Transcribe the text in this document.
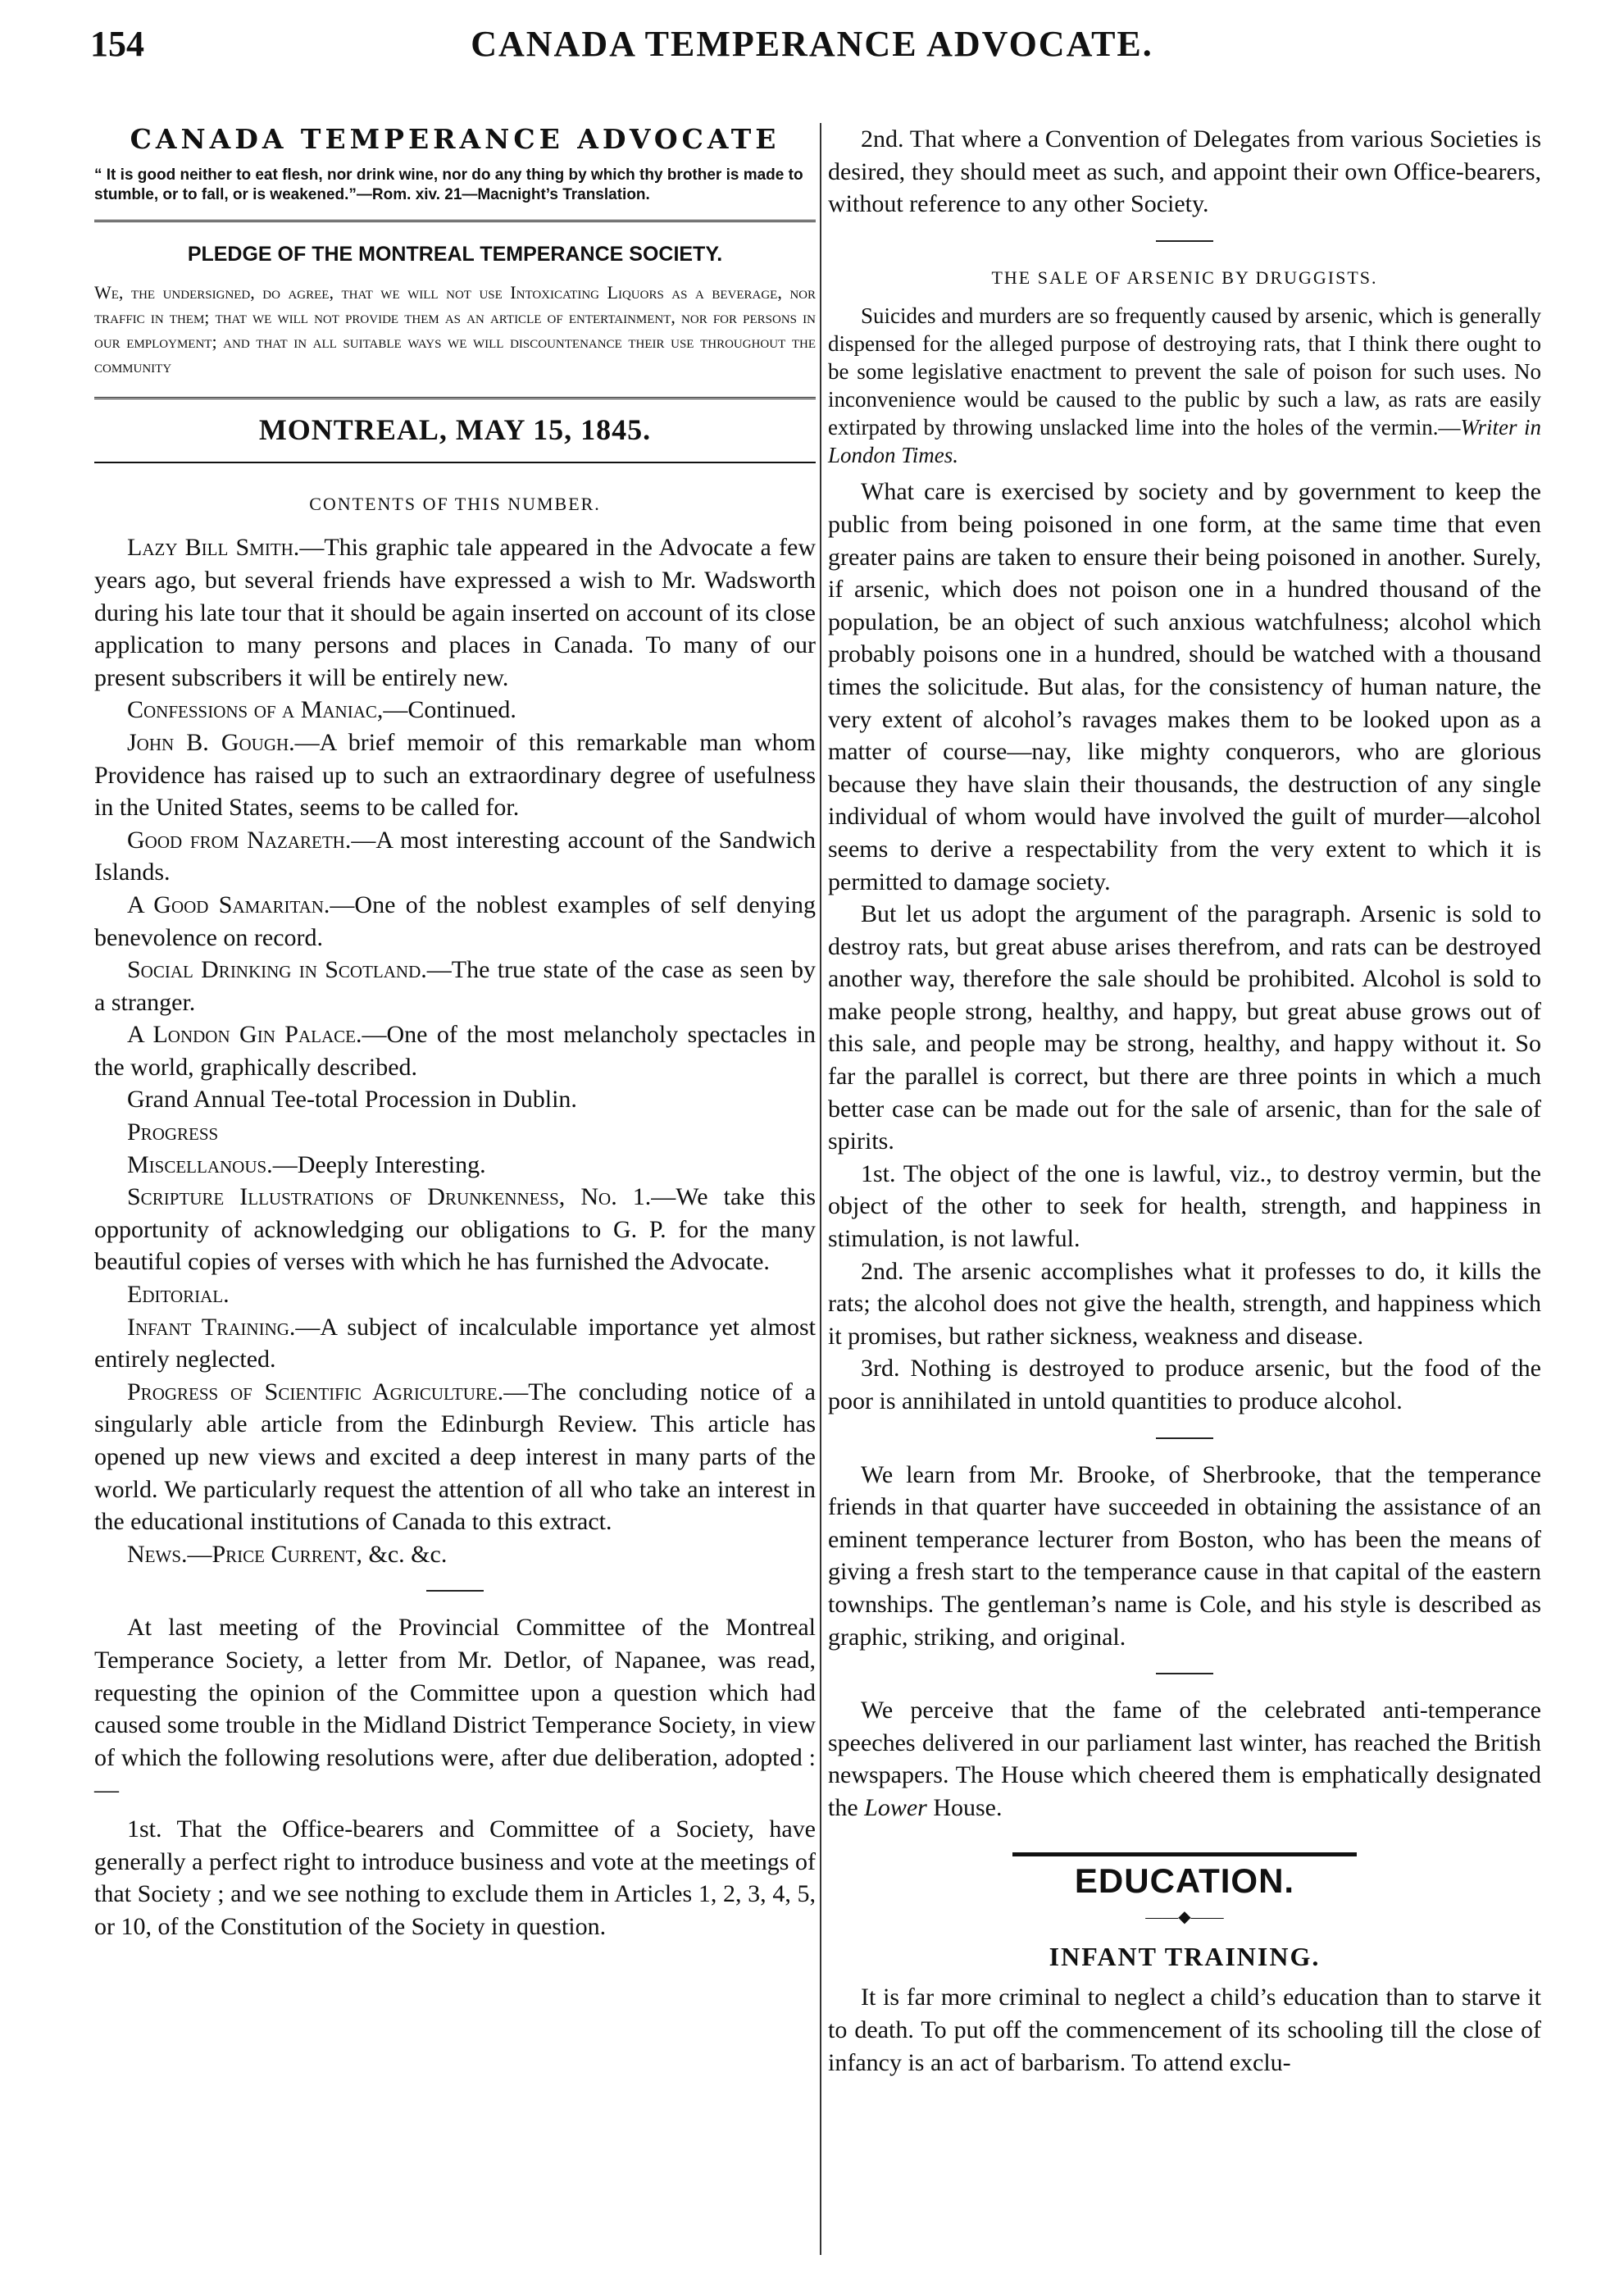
154	CANADA TEMPERANCE ADVOCATE.
CANADA TEMPERANCE ADVOCATE
“ It is good neither to eat flesh, nor drink wine, nor do any thing by which thy brother is made to stumble, or to fall, or is weakened.”—Rom. xiv. 21—Macnight’s Translation.
PLEDGE OF THE MONTREAL TEMPERANCE SOCIETY.
We, the undersigned, do agree, that we will not use Intoxicating Liquors as a beverage, nor traffic in them; that we will not provide them as an article of entertainment, nor for persons in our employment; and that in all suitable ways we will discountenance their use throughout the community
MONTREAL, MAY 15, 1845.
CONTENTS OF THIS NUMBER.

Lazy Bill Smith.—This graphic tale appeared in the Advocate a few years ago, but several friends have expressed a wish to Mr. Wadsworth during his late tour that it should be again inserted on account of its close application to many persons and places in Canada. To many of our present subscribers it will be entirely new.

Confessions of a Maniac,—Continued.

John B. Gough.—A brief memoir of this remarkable man whom Providence has raised up to such an extraordinary degree of usefulness in the United States, seems to be called for.

Good from Nazareth.—A most interesting account of the Sandwich Islands.

A Good Samaritan.—One of the noblest examples of self denying benevolence on record.

Social Drinking in Scotland.—The true state of the case as seen by a stranger.

A London Gin Palace.—One of the most melancholy spectacles in the world, graphically described.

Grand Annual Tee-total Procession in Dublin.

Progress

Miscellanous.—Deeply Interesting.

Scripture Illustrations of Drunkenness, No. 1.—We take this opportunity of acknowledging our obligations to G. P. for the many beautiful copies of verses with which he has furnished the Advocate.

Editorial.

Infant Training.—A subject of incalculable importance yet almost entirely neglected.

Progress of Scientific Agriculture.—The concluding notice of a singularly able article from the Edinburgh Review. This article has opened up new views and excited a deep interest in many parts of the world. We particularly request the attention of all who take an interest in the educational institutions of Canada to this extract.

News.—Price Current, &c. &c.

At last meeting of the Provincial Committee of the Montreal Temperance Society, a letter from Mr. Detlor, of Napanee, was read, requesting the opinion of the Committee upon a question which had caused some trouble in the Midland District Temperance Society, in view of which the following resolutions were, after due deliberation, adopted :—

1st. That the Office-bearers and Committee of a Society, have generally a perfect right to introduce business and vote at the meetings of that Society ; and we see nothing to exclude them in Articles 1, 2, 3, 4, 5, or 10, of the Constitution of the Society in question.

2nd. That where a Convention of Delegates from various Societies is desired, they should meet as such, and appoint their own Office-bearers, without reference to any other Society.

THE SALE OF ARSENIC BY DRUGGISTS.

Suicides and murders are so frequently caused by arsenic, which is generally dispensed for the alleged purpose of destroying rats, that I think there ought to be some legislative enactment to prevent the sale of poison for such uses. No inconvenience would be caused to the public by such a law, as rats are easily extirpated by throwing unslacked lime into the holes of the vermin.—Writer in London Times.

What care is exercised by society and by government to keep the public from being poisoned in one form, at the same time that even greater pains are taken to ensure their being poisoned in another. Surely, if arsenic, which does not poison one in a hundred thousand of the population, be an object of such anxious watchfulness; alcohol which probably poisons one in a hundred, should be watched with a thousand times the solicitude. But alas, for the consistency of human nature, the very extent of alcohol’s ravages makes them to be looked upon as a matter of course—nay, like mighty conquerors, who are glorious because they have slain their thousands, the destruction of any single individual of whom would have involved the guilt of murder—alcohol seems to derive a respectability from the very extent to which it is permitted to damage society.

But let us adopt the argument of the paragraph. Arsenic is sold to destroy rats, but great abuse arises therefrom, and rats can be destroyed another way, therefore the sale should be prohibited. Alcohol is sold to make people strong, healthy, and happy, but great abuse grows out of this sale, and people may be strong, healthy, and happy without it. So far the parallel is correct, but there are three points in which a much better case can be made out for the sale of arsenic, than for the sale of spirits.

1st. The object of the one is lawful, viz., to destroy vermin, but the object of the other to seek for health, strength, and happiness in stimulation, is not lawful.

2nd. The arsenic accomplishes what it professes to do, it kills the rats; the alcohol does not give the health, strength, and happiness which it promises, but rather sickness, weakness and disease.

3rd. Nothing is destroyed to produce arsenic, but the food of the poor is annihilated in untold quantities to produce alcohol.

We learn from Mr. Brooke, of Sherbrooke, that the temperance friends in that quarter have succeeded in obtaining the assistance of an eminent temperance lecturer from Boston, who has been the means of giving a fresh start to the temperance cause in that capital of the eastern townships. The gentleman’s name is Cole, and his style is described as graphic, striking, and original.

We perceive that the fame of the celebrated anti-temperance speeches delivered in our parliament last winter, has reached the British newspapers. The House which cheered them is emphatically designated the Lower House.

EDUCATION.
——◆——
INFANT TRAINING.

It is far more criminal to neglect a child’s education than to starve it to death. To put off the commencement of its schooling till the close of infancy is an act of barbarism. To attend exclu-
